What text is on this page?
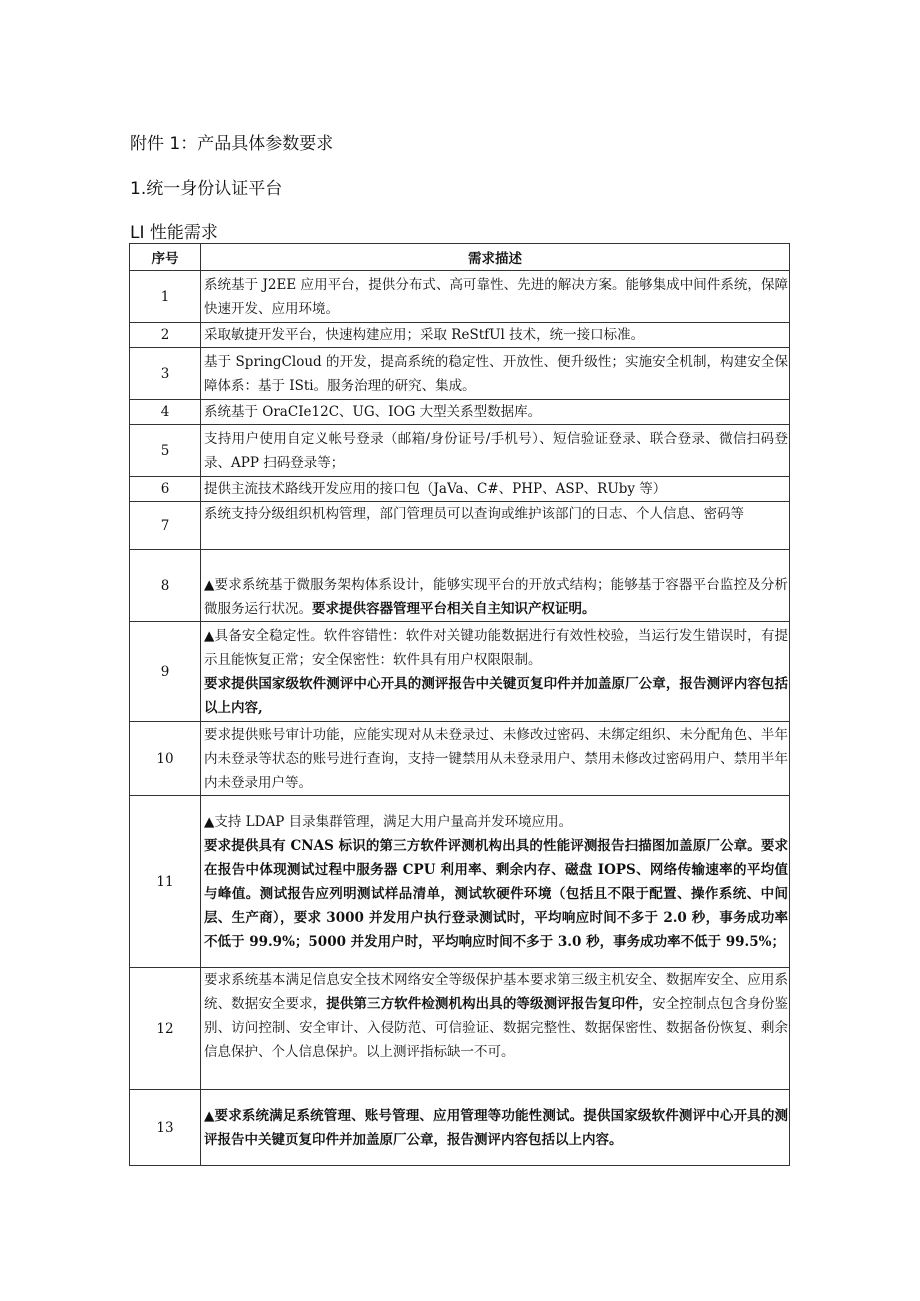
附件 1：产品具体参数要求
1.统一身份认证平台
LI 性能需求
序号	需求描述
1	系统基于 J2EE 应用平台，提供分布式、高可靠性、先进的解决方案。能够集成中间件系统，保障快速开发、应用环境。
2	采取敏捷开发平台，快速构建应用；采取 ReStfUl 技术，统一接口标准。
3	基于 SpringCloud 的开发，提高系统的稳定性、开放性、便升级性；实施安全机制，构建安全保障体系：基于 ISti。服务治理的研究、集成。
4	系统基于 OraCIe12C、UG、IOG 大型关系型数据库。
5	支持用户使用自定义帐号登录（邮箱/身份证号/手机号）、短信验证登录、联合登录、微信扫码登录、APP 扫码登录等；
6	提供主流技术路线开发应用的接口包（JaVa、C#、PHP、ASP、RUby 等）
7	系统支持分级组织机构管理，部门管理员可以查询或维护该部门的日志、个人信息、密码等
8	▲要求系统基于微服务架构体系设计，能够实现平台的开放式结构；能够基于容器平台监控及分析微服务运行状况。要求提供容器管理平台相关自主知识产权证明。
9	▲具备安全稳定性。软件容错性：软件对关键功能数据进行有效性校验，当运行发生错误时，有提示且能恢复正常；安全保密性：软件具有用户权限限制。
要求提供国家级软件测评中心开具的测评报告中关键页复印件并加盖原厂公章，报告测评内容包括以上内容,

10	要求提供账号审计功能，应能实现对从未登录过、未修改过密码、未绑定组织、未分配角色、半年内未登录等状态的账号进行查询，支持一键禁用从未登录用户、禁用未修改过密码用户、禁用半年内未登录用户等。
11	▲支持 LDAP 目录集群管理，满足大用户量高并发环境应用。
要求提供具有 CNAS 标识的第三方软件评测机构出具的性能评测报告扫描图加盖原厂公章。要求在报告中体现测试过程中服务器 CPU 利用率、剩余内存、磁盘 IOPS、网络传输速率的平均值与峰值。测试报告应列明测试样品清单，测试软硬件环境（包括且不限于配置、操作系统、中间层、生产商），要求 3000 并发用户执行登录测试时，平均响应时间不多于 2.0 秒，事务成功率不低于 99.9%；5000 并发用户时，平均响应时间不多于 3.0 秒，事务成功率不低于 99.5%；

12	要求系统基本满足信息安全技术网络安全等级保护基本要求第三级主机安全、数据库安全、应用系统、数据安全要求，提供第三方软件检测机构出具的等级测评报告复印件，安全控制点包含身份鉴别、访问控制、安全审计、入侵防范、可信验证、数据完整性、数据保密性、数据备份恢复、剩余信息保护、个人信息保护。以上测评指标缺一不可。
13	▲要求系统满足系统管理、账号管理、应用管理等功能性测试。提供国家级软件测评中心开具的测评报告中关键页复印件并加盖原厂公章，报告测评内容包括以上内容。
